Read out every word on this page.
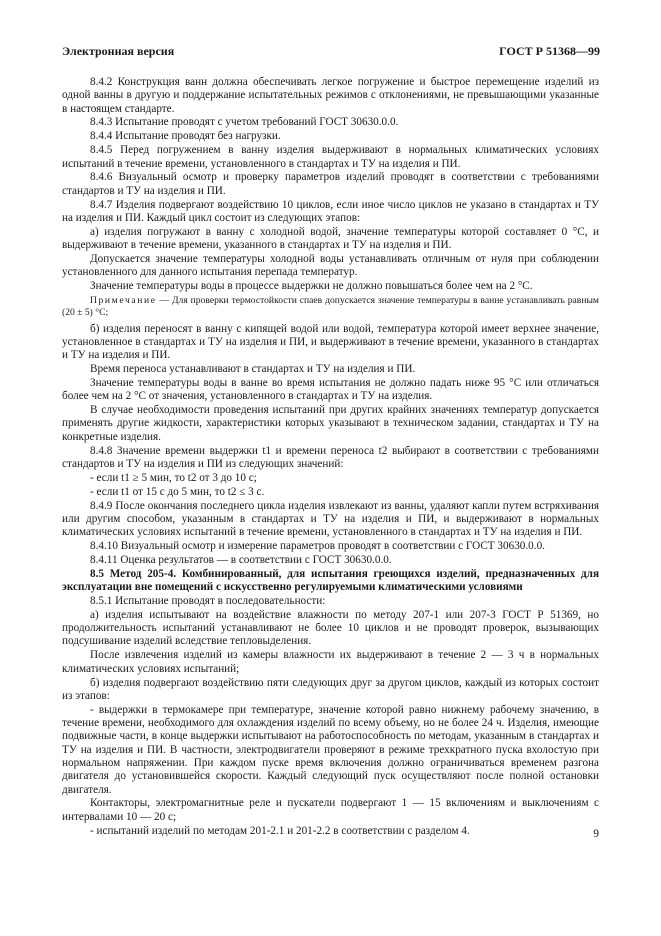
Электронная версия	ГОСТ Р 51368—99

8.4.2 Конструкция ванн должна обеспечивать легкое погружение и быстрое перемещение изделий из одной ванны в другую и поддержание испытательных режимов с отклонениями, не превышающими указанные в настоящем стандарте.

8.4.3 Испытание проводят с учетом требований ГОСТ 30630.0.0.

8.4.4 Испытание проводят без нагрузки.

8.4.5 Перед погружением в ванну изделия выдерживают в нормальных климатических условиях испытаний в течение времени, установленного в стандартах и ТУ на изделия и ПИ.

8.4.6 Визуальный осмотр и проверку параметров изделий проводят в соответствии с требованиями стандартов и ТУ на изделия и ПИ.

8.4.7 Изделия подвергают воздействию 10 циклов, если иное число циклов не указано в стандартах и ТУ на изделия и ПИ. Каждый цикл состоит из следующих этапов:

а) изделия погружают в ванну с холодной водой, значение температуры которой составляет 0 °С, и выдерживают в течение времени, указанного в стандартах и ТУ на изделия и ПИ.

Допускается значение температуры холодной воды устанавливать отличным от нуля при соблюдении установленного для данного испытания перепада температур.

Значение температуры воды в процессе выдержки не должно повышаться более чем на 2 °С.

Примечание — Для проверки термостойкости спаев допускается значение температуры в ванне устанавливать равным (20 ± 5) °С;

б) изделия переносят в ванну с кипящей водой или водой, температура которой имеет верхнее значение, установленное в стандартах и ТУ на изделия и ПИ, и выдерживают в течение времени, указанного в стандартах и ТУ на изделия и ПИ.

Время переноса устанавливают в стандартах и ТУ на изделия и ПИ.

Значение температуры воды в ванне во время испытания не должно падать ниже 95 °С или отличаться более чем на 2 °С от значения, установленного в стандартах и ТУ на изделия.

В случае необходимости проведения испытаний при других крайних значениях температур допускается применять другие жидкости, характеристики которых указывают в техническом задании, стандартах и ТУ на конкретные изделия.

8.4.8 Значение времени выдержки t1 и времени переноса t2 выбирают в соответствии с требованиями стандартов и ТУ на изделия и ПИ из следующих значений:

- если t1 ≥ 5 мин, то t2 от 3 до 10 с;

- если t1 от 15 с до 5 мин, то t2 ≤ 3 с.

8.4.9 После окончания последнего цикла изделия извлекают из ванны, удаляют капли путем встряхивания или другим способом, указанным в стандартах и ТУ на изделия и ПИ, и выдерживают в нормальных климатических условиях испытаний в течение времени, установленного в стандартах и ТУ на изделия и ПИ.

8.4.10 Визуальный осмотр и измерение параметров проводят в соответствии с ГОСТ 30630.0.0.

8.4.11 Оценка результатов — в соответствии с ГОСТ 30630.0.0.

8.5 Метод 205-4. Комбинированный, для испытания греющихся изделий, предназначенных для эксплуатации вне помещений с искусственно регулируемыми климатическими условиями

8.5.1 Испытание проводят в последовательности:

а) изделия испытывают на воздействие влажности по методу 207-1 или 207-3 ГОСТ Р 51369, но продолжительность испытаний устанавливают не более 10 циклов и не проводят проверок, вызывающих подсушивание изделий вследствие тепловыделения.

После извлечения изделий из камеры влажности их выдерживают в течение 2 — 3 ч в нормальных климатических условиях испытаний;

б) изделия подвергают воздействию пяти следующих друг за другом циклов, каждый из которых состоит из этапов:

- выдержки в термокамере при температуре, значение которой равно нижнему рабочему значению, в течение времени, необходимого для охлаждения изделий по всему объему, но не более 24 ч. Изделия, имеющие подвижные части, в конце выдержки испытывают на работоспособность по методам, указанным в стандартах и ТУ на изделия и ПИ. В частности, электродвигатели проверяют в режиме трехкратного пуска вхолостую при нормальном напряжении. При каждом пуске время включения должно ограничиваться временем разгона двигателя до установившейся скорости. Каждый следующий пуск осуществляют после полной остановки двигателя.

Контакторы, электромагнитные реле и пускатели подвергают 1 — 15 включениям и выключениям с интервалами 10 — 20 с;

- испытаний изделий по методам 201-2.1 и 201-2.2 в соответствии с разделом 4.	9
